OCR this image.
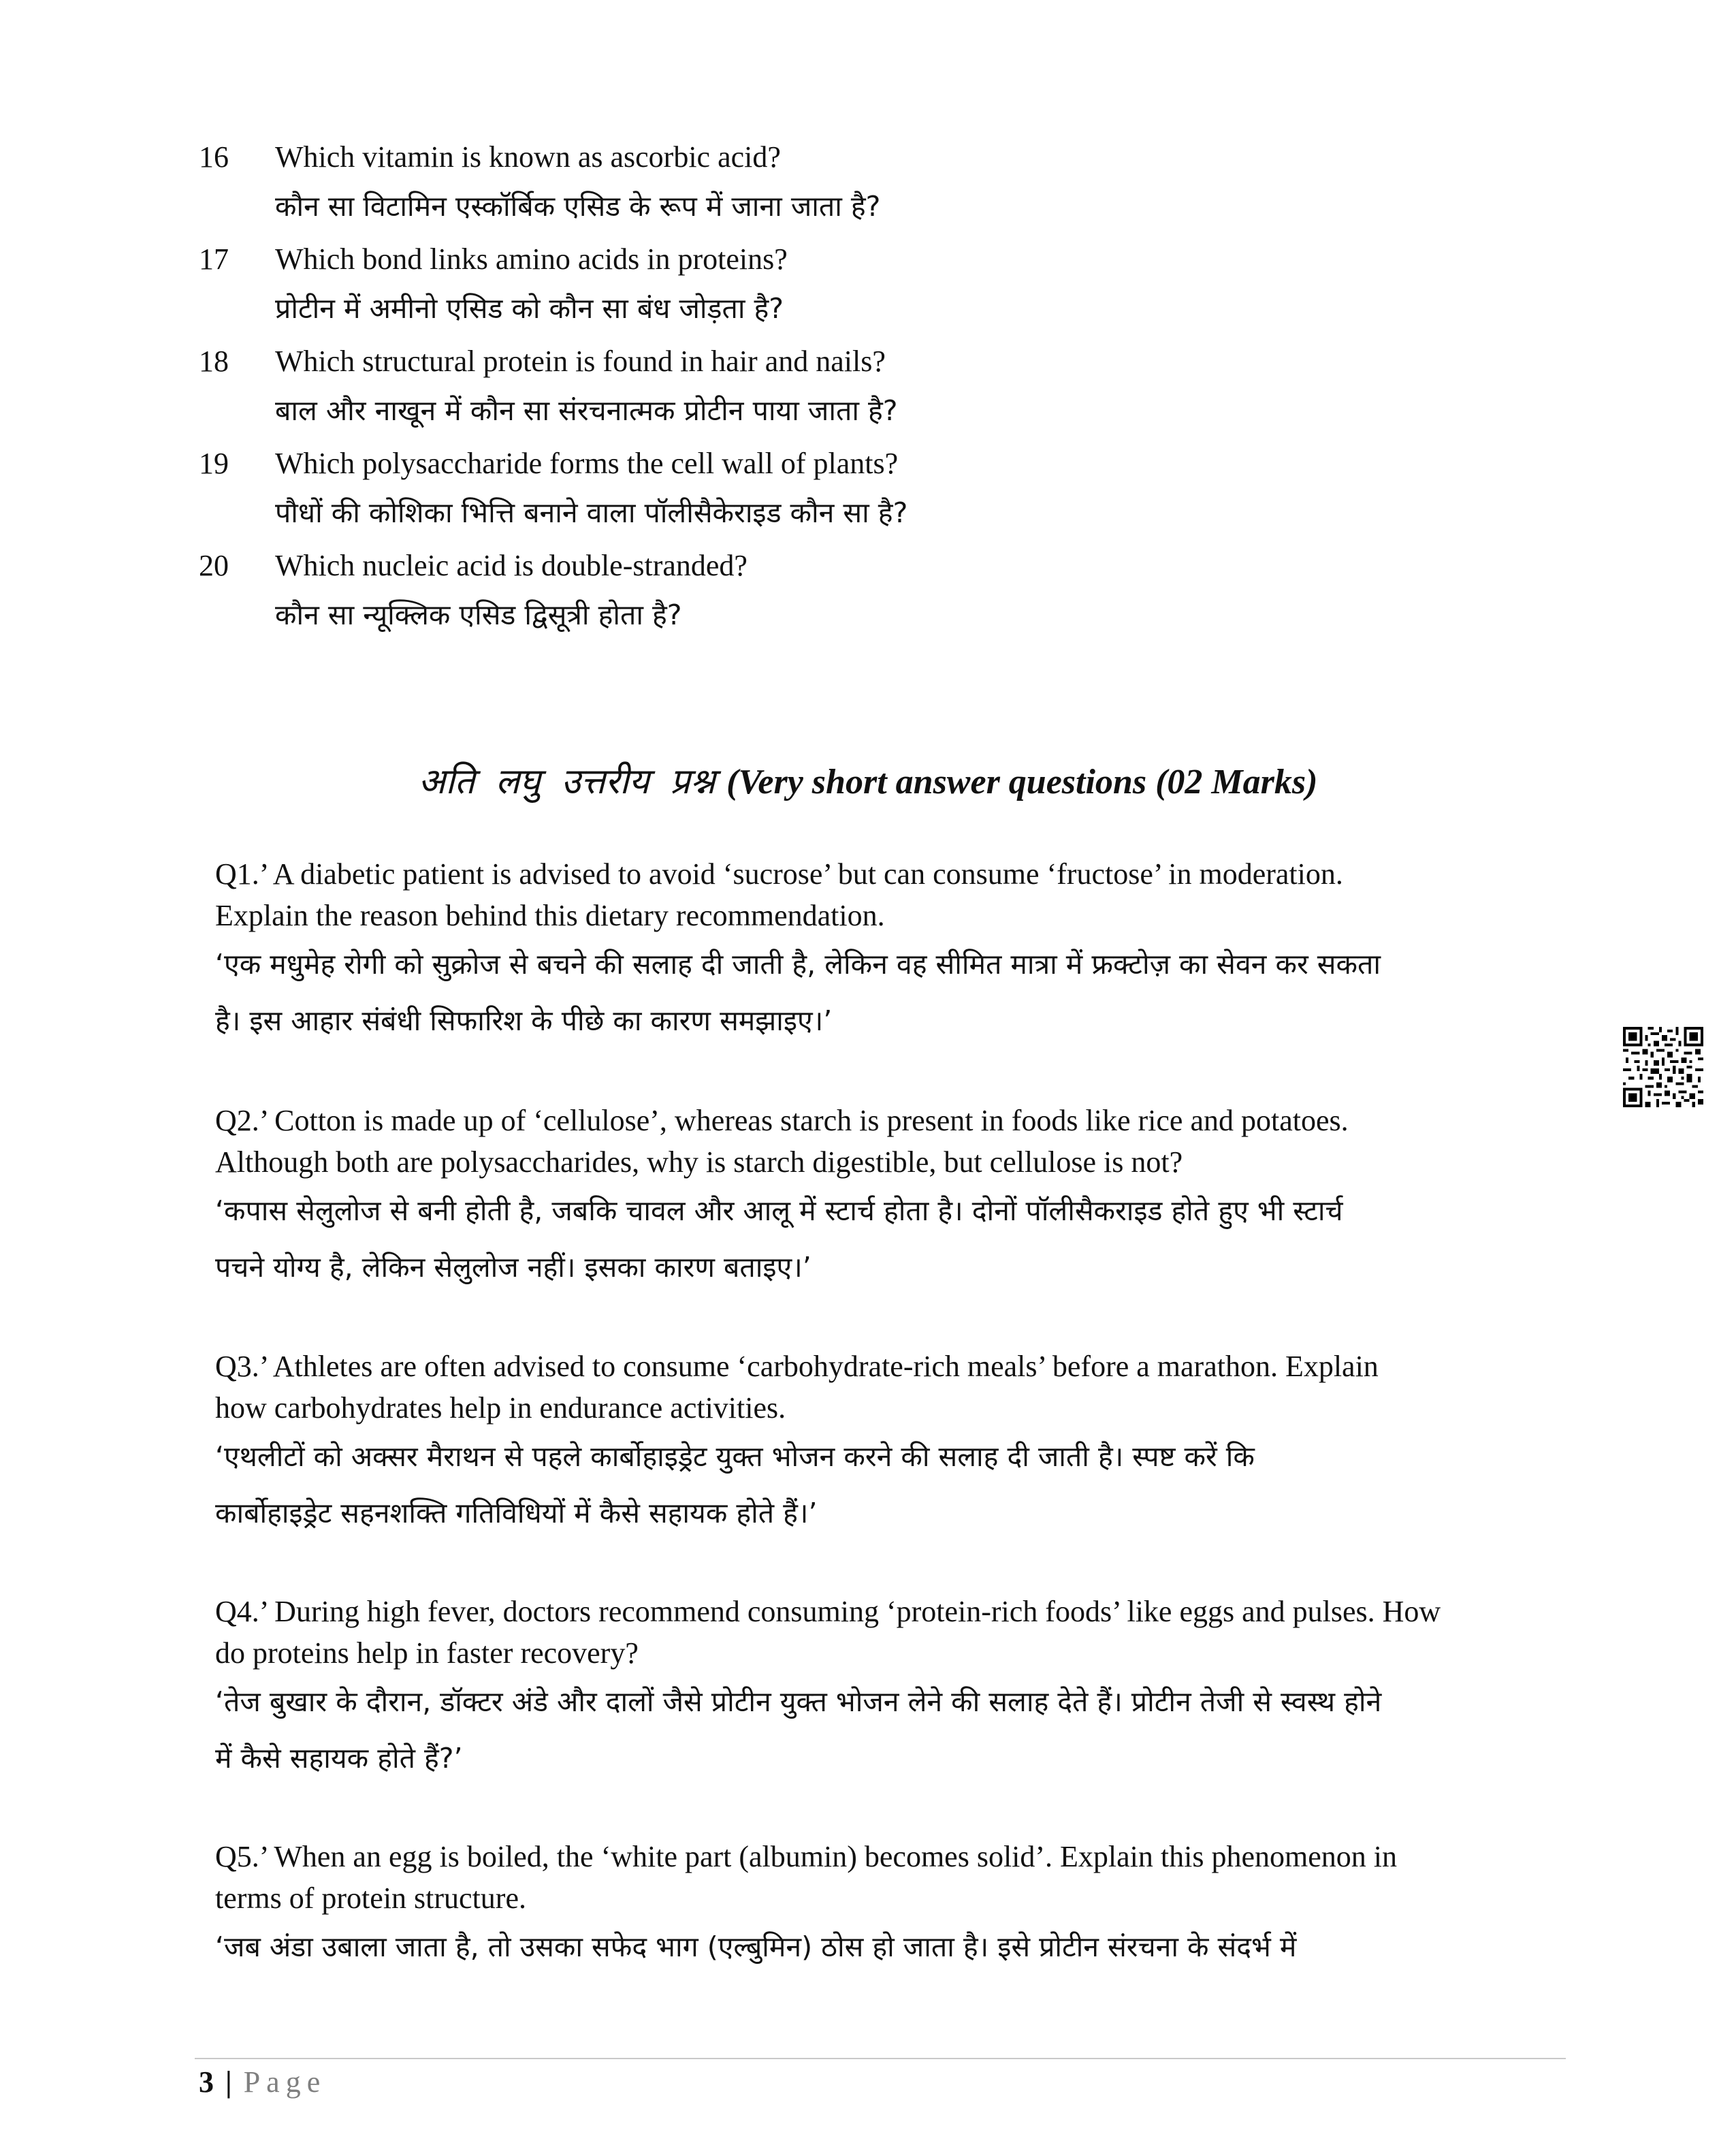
16	Which vitamin is known as ascorbic acid?
कौन सा विटामिन एस्कॉर्बिक एसिड के रूप में जाना जाता है?
17	Which bond links amino acids in proteins?
प्रोटीन में अमीनो एसिड को कौन सा बंध जोड़ता है?
18	Which structural protein is found in hair and nails?
बाल और नाखून में कौन सा संरचनात्मक प्रोटीन पाया जाता है?
19	Which polysaccharide forms the cell wall of plants?
पौधों की कोशिका भित्ति बनाने वाला पॉलीसैकेराइड कौन सा है?
20	Which nucleic acid is double-stranded?
कौन सा न्यूक्लिक एसिड द्विसूत्री होता है?
अति लघु उत्तरीय प्रश्न (Very short answer questions (02 Marks)
Q1.’ A diabetic patient is advised to avoid ‘sucrose’ but can consume ‘fructose’ in moderation.
Explain the reason behind this dietary recommendation.
‘एक मधुमेह रोगी को सुक्रोज से बचने की सलाह दी जाती है, लेकिन वह सीमित मात्रा में फ्रक्टोज़ का सेवन कर सकता
है। इस आहार संबंधी सिफारिश के पीछे का कारण समझाइए।’
Q2.’ Cotton is made up of ‘cellulose’, whereas starch is present in foods like rice and potatoes.
Although both are polysaccharides, why is starch digestible, but cellulose is not?
‘कपास सेलुलोज से बनी होती है, जबकि चावल और आलू में स्टार्च होता है। दोनों पॉलीसैकराइड होते हुए भी स्टार्च
पचने योग्य है, लेकिन सेलुलोज नहीं। इसका कारण बताइए।’
Q3.’ Athletes are often advised to consume ‘carbohydrate-rich meals’ before a marathon. Explain
how carbohydrates help in endurance activities.
‘एथलीटों को अक्सर मैराथन से पहले कार्बोहाइड्रेट युक्त भोजन करने की सलाह दी जाती है। स्पष्ट करें कि
कार्बोहाइड्रेट सहनशक्ति गतिविधियों में कैसे सहायक होते हैं।’
Q4.’ During high fever, doctors recommend consuming ‘protein-rich foods’ like eggs and pulses. How
do proteins help in faster recovery?
‘तेज बुखार के दौरान, डॉक्टर अंडे और दालों जैसे प्रोटीन युक्त भोजन लेने की सलाह देते हैं। प्रोटीन तेजी से स्वस्थ होने
में कैसे सहायक होते हैं?’
Q5.’ When an egg is boiled, the ‘white part (albumin) becomes solid’. Explain this phenomenon in
terms of protein structure.
‘जब अंडा उबाला जाता है, तो उसका सफेद भाग (एल्बुमिन) ठोस हो जाता है। इसे प्रोटीन संरचना के संदर्भ में
3 | Page
